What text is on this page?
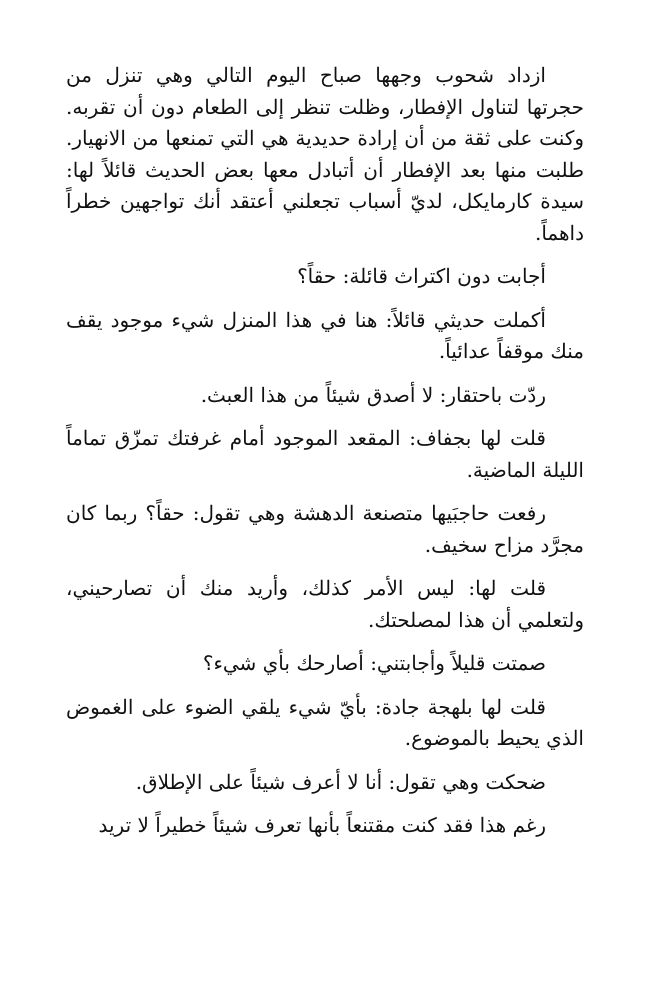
ازداد شحوب وجهها صباح اليوم التالي وهي تنزل من حجرتها لتناول الإفطار، وظلت تنظر إلى الطعام دون أن تقربه. وكنت على ثقة من أن إرادة حديدية هي التي تمنعها من الانهيار. طلبت منها بعد الإفطار أن أتبادل معها بعض الحديث قائلاً لها: سيدة كارمايكل، لديّ أسباب تجعلني أعتقد أنك تواجهين خطراً داهماً.

أجابت دون اكتراث قائلة: حقاً؟

أكملت حديثي قائلاً: هنا في هذا المنزل شيء موجود يقف منك موقفاً عدائياً.

ردّت باحتقار: لا أصدق شيئاً من هذا العبث.

قلت لها بجفاف: المقعد الموجود أمام غرفتك تمزّق تماماً الليلة الماضية.

رفعت حاجبَيها متصنعة الدهشة وهي تقول: حقاً؟ ربما كان مجرَّد مزاح سخيف.

قلت لها: ليس الأمر كذلك، وأريد منك أن تصارحيني، ولتعلمي أن هذا لمصلحتك.

صمتت قليلاً وأجابتني: أصارحك بأي شيء؟

قلت لها بلهجة جادة: بأيّ شيء يلقي الضوء على الغموض الذي يحيط بالموضوع.

ضحكت وهي تقول: أنا لا أعرف شيئاً على الإطلاق.

رغم هذا فقد كنت مقتنعاً بأنها تعرف شيئاً خطيراً لا تريد
